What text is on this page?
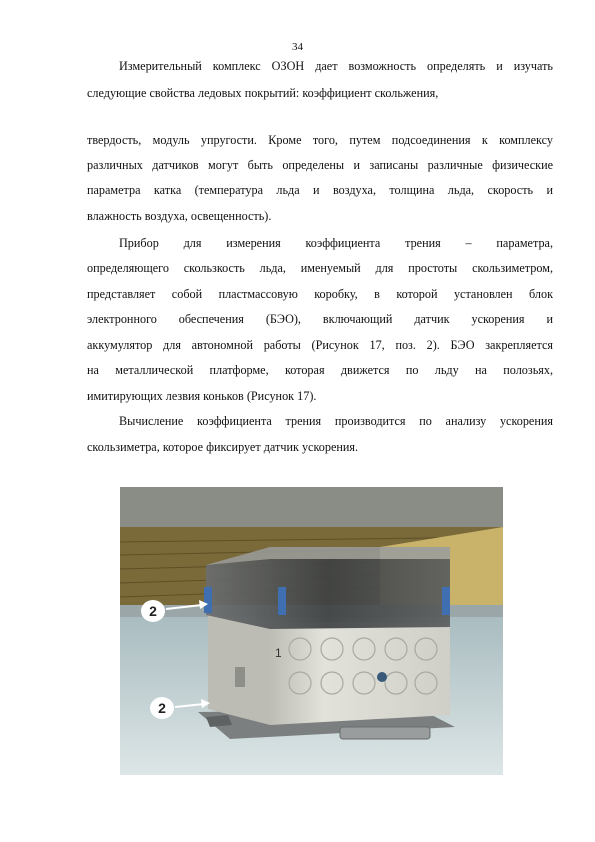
34
Измерительный комплекс ОЗОН дает возможность определять и изучать
следующие свойства ледовых покрытий: коэффициент скольжения,
твердость, модуль упругости. Кроме того, путем подсоединения к комплексу
различных датчиков могут быть определены и записаны различные физические
параметра катка (температура льда и воздуха, толщина льда, скорость и
влажность воздуха, освещенность).
Прибор для измерения коэффициента трения – параметра,
определяющего скользкость льда, именуемый для простоты скользиметром,
представляет собой пластмассовую коробку, в которой установлен блок
электронного обеспечения (БЭО), включающий датчик ускорения и
аккумулятор для автономной работы (Рисунок 17, поз. 2). БЭО закрепляется
на металлической платформе, которая движется по льду на полозьях,
имитирующих лезвия коньков (Рисунок 17).
Вычисление коэффициента трения производится по анализу ускорения
скользиметра, которое фиксирует датчик ускорения.
2
2
1
